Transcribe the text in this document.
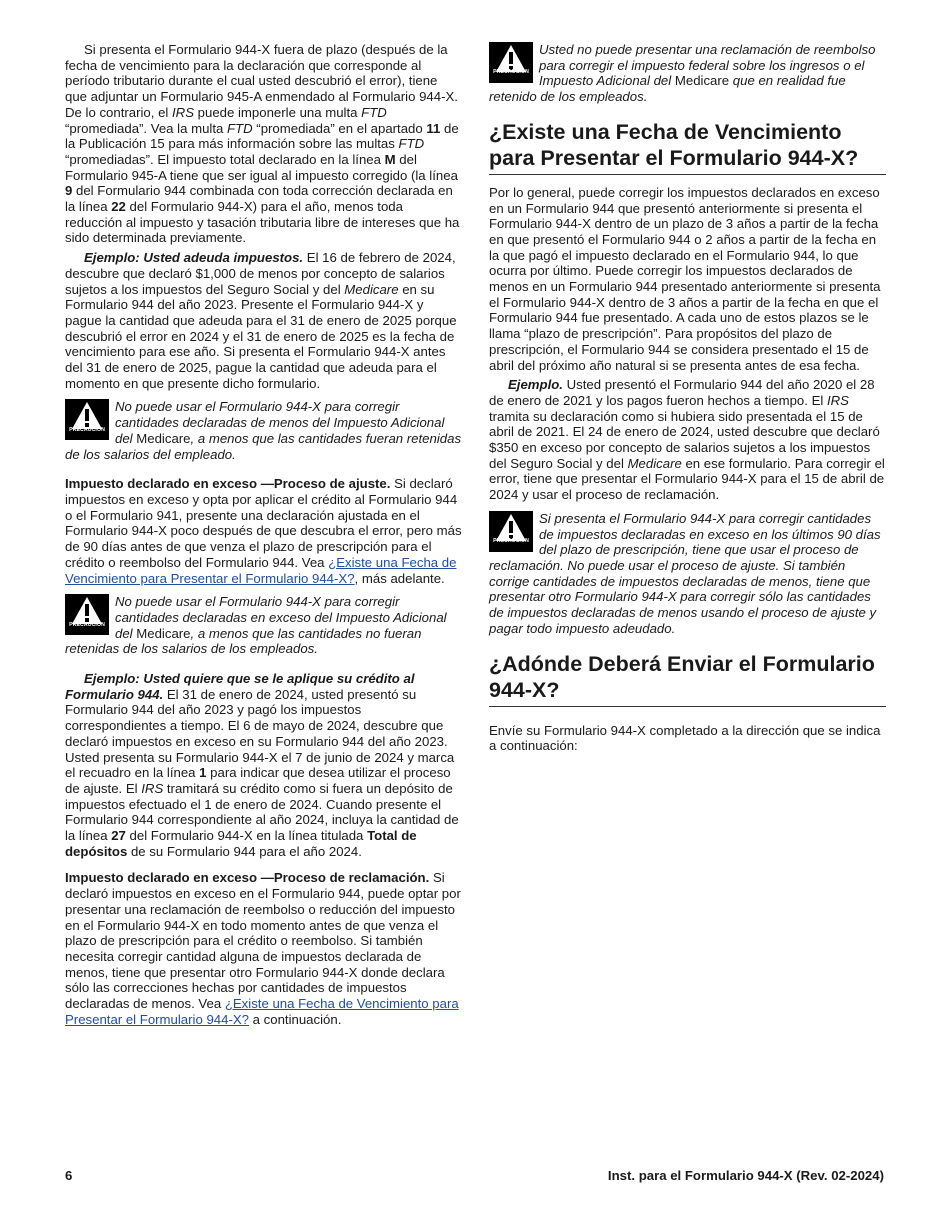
Si presenta el Formulario 944-X fuera de plazo (después de la fecha de vencimiento para la declaración que corresponde al período tributario durante el cual usted descubrió el error), tiene que adjuntar un Formulario 945-A enmendado al Formulario 944-X. De lo contrario, el IRS puede imponerle una multa FTD “promediada”. Vea la multa FTD “promediada” en el apartado 11 de la Publicación 15 para más información sobre las multas FTD “promediadas”. El impuesto total declarado en la línea M del Formulario 945-A tiene que ser igual al impuesto corregido (la línea 9 del Formulario 944 combinada con toda corrección declarada en la línea 22 del Formulario 944-X) para el año, menos toda reducción al impuesto y tasación tributaria libre de intereses que ha sido determinada previamente.

Ejemplo: Usted adeuda impuestos. El 16 de febrero de 2024, descubre que declaró $1,000 de menos por concepto de salarios sujetos a los impuestos del Seguro Social y del Medicare en su Formulario 944 del año 2023. Presente el Formulario 944-X y pague la cantidad que adeuda para el 31 de enero de 2025 porque descubrió el error en 2024 y el 31 de enero de 2025 es la fecha de vencimiento para ese año. Si presenta el Formulario 944-X antes del 31 de enero de 2025, pague la cantidad que adeuda para el momento en que presente dicho formulario.

PRECAUCION
No puede usar el Formulario 944-X para corregir cantidades declaradas de menos del Impuesto Adicional del Medicare, a menos que las cantidades fueran retenidas de los salarios del empleado.

Impuesto declarado en exceso —Proceso de ajuste. Si declaró impuestos en exceso y opta por aplicar el crédito al Formulario 944 o el Formulario 941, presente una declaración ajustada en el Formulario 944-X poco después de que descubra el error, pero más de 90 días antes de que venza el plazo de prescripción para el crédito o reembolso del Formulario 944. Vea ¿Existe una Fecha de Vencimiento para Presentar el Formulario 944-X?, más adelante.

PRECAUCION
No puede usar el Formulario 944-X para corregir cantidades declaradas en exceso del Impuesto Adicional del Medicare, a menos que las cantidades no fueran retenidas de los salarios de los empleados.

Ejemplo: Usted quiere que se le aplique su crédito al Formulario 944. El 31 de enero de 2024, usted presentó su Formulario 944 del año 2023 y pagó los impuestos correspondientes a tiempo. El 6 de mayo de 2024, descubre que declaró impuestos en exceso en su Formulario 944 del año 2023. Usted presenta su Formulario 944-X el 7 de junio de 2024 y marca el recuadro en la línea 1 para indicar que desea utilizar el proceso de ajuste. El IRS tramitará su crédito como si fuera un depósito de impuestos efectuado el 1 de enero de 2024. Cuando presente el Formulario 944 correspondiente al año 2024, incluya la cantidad de la línea 27 del Formulario 944-X en la línea titulada Total de depósitos de su Formulario 944 para el año 2024.

Impuesto declarado en exceso —Proceso de reclamación. Si declaró impuestos en exceso en el Formulario 944, puede optar por presentar una reclamación de reembolso o reducción del impuesto en el Formulario 944-X en todo momento antes de que venza el plazo de prescripción para el crédito o reembolso. Si también necesita corregir cantidad alguna de impuestos declarada de menos, tiene que presentar otro Formulario 944-X donde declara sólo las correcciones hechas por cantidades de impuestos declaradas de menos. Vea ¿Existe una Fecha de Vencimiento para Presentar el Formulario 944-X? a continuación.

PRECAUCION
Usted no puede presentar una reclamación de reembolso para corregir el impuesto federal sobre los ingresos o el Impuesto Adicional del Medicare que en realidad fue retenido de los empleados.
¿Existe una Fecha de Vencimiento para Presentar el Formulario 944-X?

Por lo general, puede corregir los impuestos declarados en exceso en un Formulario 944 que presentó anteriormente si presenta el Formulario 944-X dentro de un plazo de 3 años a partir de la fecha en que presentó el Formulario 944 o 2 años a partir de la fecha en la que pagó el impuesto declarado en el Formulario 944, lo que ocurra por último. Puede corregir los impuestos declarados de menos en un Formulario 944 presentado anteriormente si presenta el Formulario 944-X dentro de 3 años a partir de la fecha en que el Formulario 944 fue presentado. A cada uno de estos plazos se le llama “plazo de prescripción”. Para propósitos del plazo de prescripción, el Formulario 944 se considera presentado el 15 de abril del próximo año natural si se presenta antes de esa fecha.

Ejemplo. Usted presentó el Formulario 944 del año 2020 el 28 de enero de 2021 y los pagos fueron hechos a tiempo. El IRS tramita su declaración como si hubiera sido presentada el 15 de abril de 2021. El 24 de enero de 2024, usted descubre que declaró $350 en exceso por concepto de salarios sujetos a los impuestos del Seguro Social y del Medicare en ese formulario. Para corregir el error, tiene que presentar el Formulario 944-X para el 15 de abril de 2024 y usar el proceso de reclamación.

PRECAUCION
Si presenta el Formulario 944-X para corregir cantidades de impuestos declaradas en exceso en los últimos 90 días del plazo de prescripción, tiene que usar el proceso de reclamación. No puede usar el proceso de ajuste. Si también corrige cantidades de impuestos declaradas de menos, tiene que presentar otro Formulario 944-X para corregir sólo las cantidades de impuestos declaradas de menos usando el proceso de ajuste y pagar todo impuesto adeudado.
¿Adónde Deberá Enviar el Formulario 944-X?

Envíe su Formulario 944-X completado a la dirección que se indica a continuación:

6	Inst. para el Formulario 944-X (Rev. 02-2024)
